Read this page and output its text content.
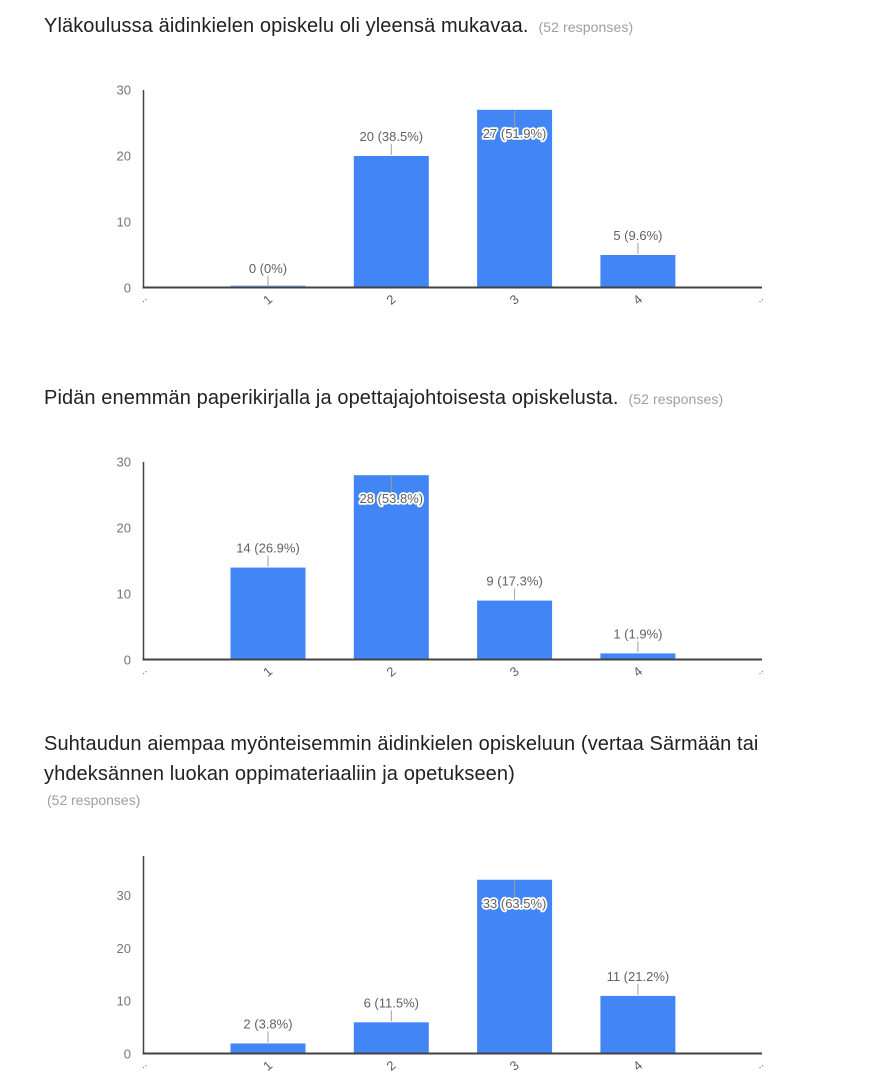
Yläkoulussa äidinkielen opiskelu oli yleensä mukavaa. (52 responses)
0
10
20
30
0 (0%)
20 (38.5%)	27 (51.9%)
5 (9.6%)
1	2	3	4
..	..
Pidän enemmän paperikirjalla ja opettajajohtoisesta opiskelusta. (52 responses)
0
10
20
30
14 (26.9%)
28 (53.8%)
9 (17.3%)
1 (1.9%)
1	2	3	4
..	..
Suhtaudun aiempaa myönteisemmin äidinkielen opiskeluun (vertaa Särmään tai yhdeksännen luokan oppimateriaaliin ja opetukseen)
(52 responses)
0
10
20
30
2 (3.8%)
6 (11.5%)
33 (63.5%)
11 (21.2%)
1	2	3	4
..	..
